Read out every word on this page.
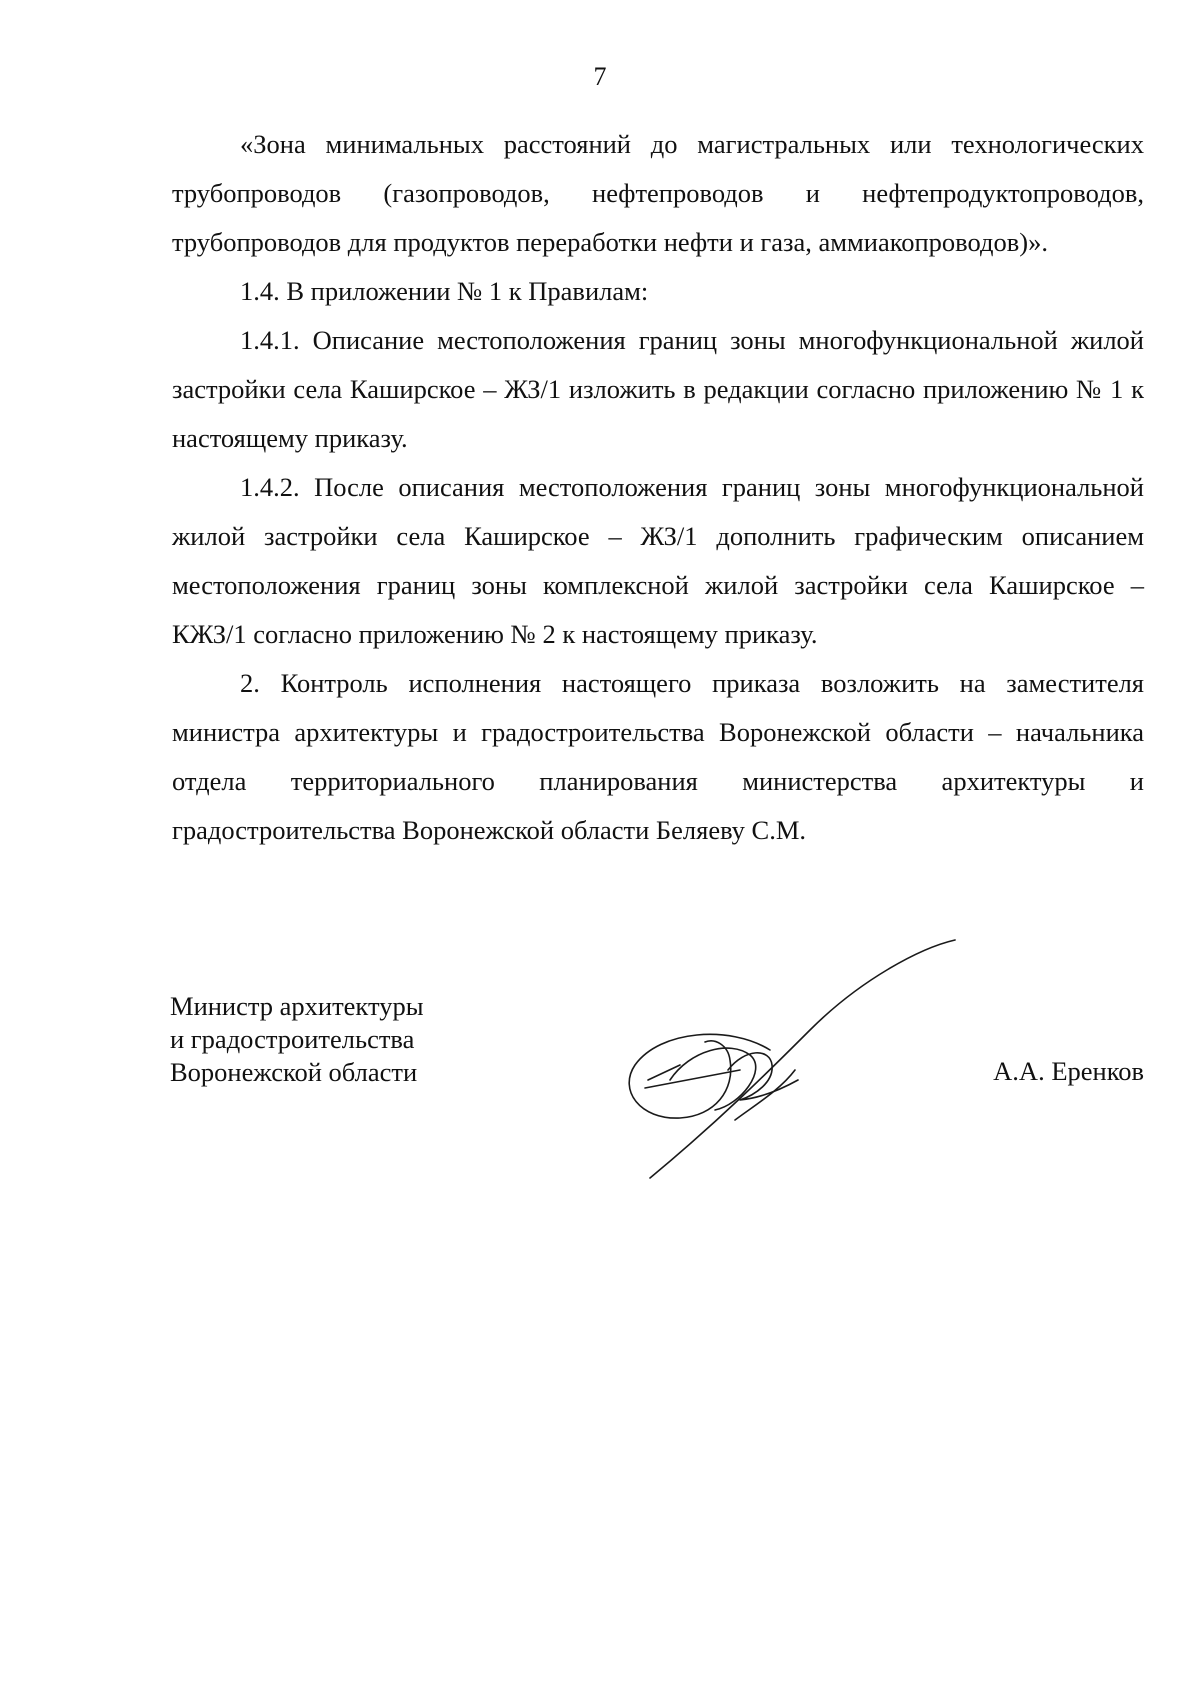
7

«Зона минимальных расстояний до магистральных или технологических трубопроводов (газопроводов, нефтепроводов и нефтепродуктопроводов, трубопроводов для продуктов переработки нефти и газа, аммиакопроводов)».

1.4. В приложении № 1 к Правилам:

1.4.1. Описание местоположения границ зоны многофункциональной жилой застройки села Каширское – ЖЗ/1 изложить в редакции согласно приложению № 1 к настоящему приказу.

1.4.2. После описания местоположения границ зоны многофункциональной жилой застройки села Каширское – ЖЗ/1 дополнить графическим описанием местоположения границ зоны комплексной жилой застройки села Каширское – КЖЗ/1 согласно приложению № 2 к настоящему приказу.

2. Контроль исполнения настоящего приказа возложить на заместителя министра архитектуры и градостроительства Воронежской области – начальника отдела территориального планирования министерства архитектуры и градостроительства Воронежской области Беляеву С.М.

Министр архитектуры
и градостроительства
Воронежской области	А.А. Еренков
